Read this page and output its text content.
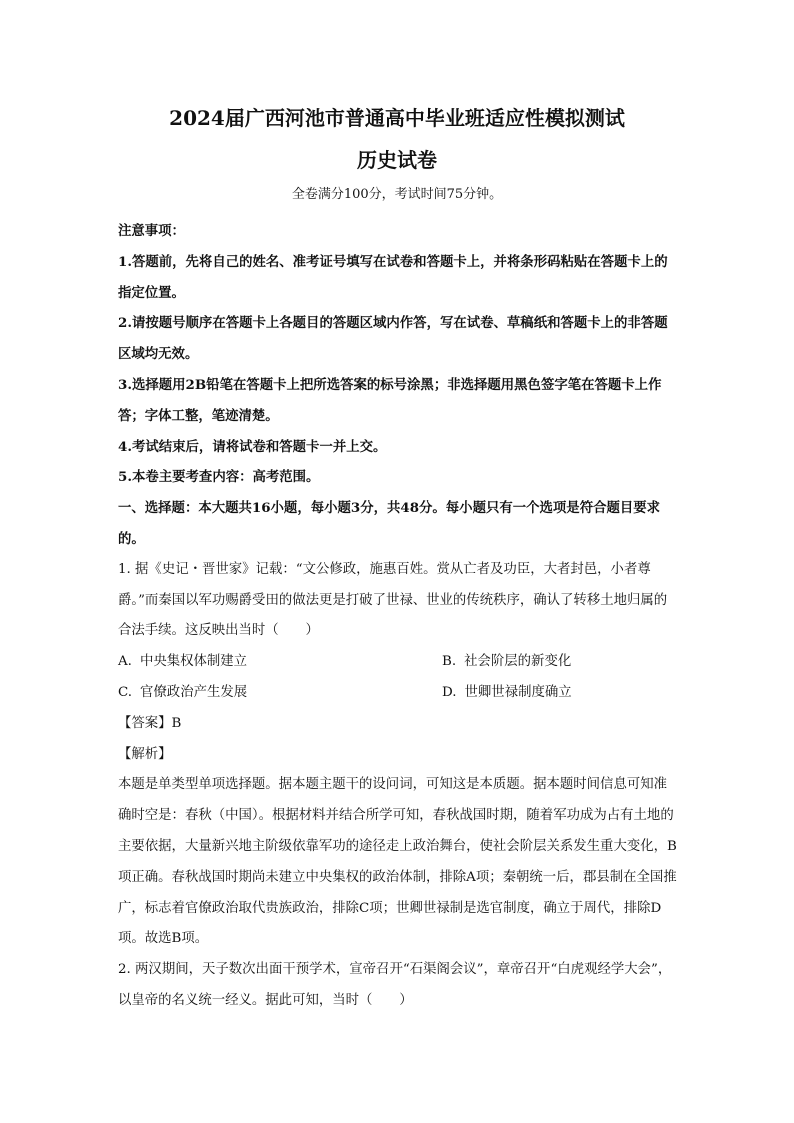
2024届广西河池市普通高中毕业班适应性模拟测试
历史试卷
全卷满分100分，考试时间75分钟。

注意事项：

1.答题前，先将自己的姓名、准考证号填写在试卷和答题卡上，并将条形码粘贴在答题卡上的指定位置。

2.请按题号顺序在答题卡上各题目的答题区域内作答，写在试卷、草稿纸和答题卡上的非答题区域均无效。

3.选择题用2B铅笔在答题卡上把所选答案的标号涂黑；非选择题用黑色签字笔在答题卡上作答；字体工整，笔迹清楚。

4.考试结束后，请将试卷和答题卡一并上交。

5.本卷主要考查内容：高考范围。

一、选择题：本大题共16小题，每小题3分，共48分。每小题只有一个选项是符合题目要求的。

1. 据《史记・晋世家》记载：“文公修政，施惠百姓。赏从亡者及功臣，大者封邑，小者尊爵。”而秦国以军功赐爵受田的做法更是打破了世禄、世业的传统秩序，确认了转移土地归属的合法手续。这反映出当时（　　）

A. 中央集权体制建立	B. 社会阶层的新变化
C. 官僚政治产生发展	D. 世卿世禄制度确立

【答案】B

【解析】

本题是单类型单项选择题。据本题主题干的设问词，可知这是本质题。据本题时间信息可知准确时空是：春秋（中国）。根据材料并结合所学可知，春秋战国时期，随着军功成为占有土地的主要依据，大量新兴地主阶级依靠军功的途径走上政治舞台，使社会阶层关系发生重大变化，B项正确。春秋战国时期尚未建立中央集权的政治体制，排除A项；秦朝统一后，郡县制在全国推广，标志着官僚政治取代贵族政治，排除C项；世卿世禄制是选官制度，确立于周代，排除D项。故选B项。

2. 两汉期间，天子数次出面干预学术，宣帝召开“石渠阁会议”，章帝召开“白虎观经学大会”，以皇帝的名义统一经义。据此可知，当时（　　）
